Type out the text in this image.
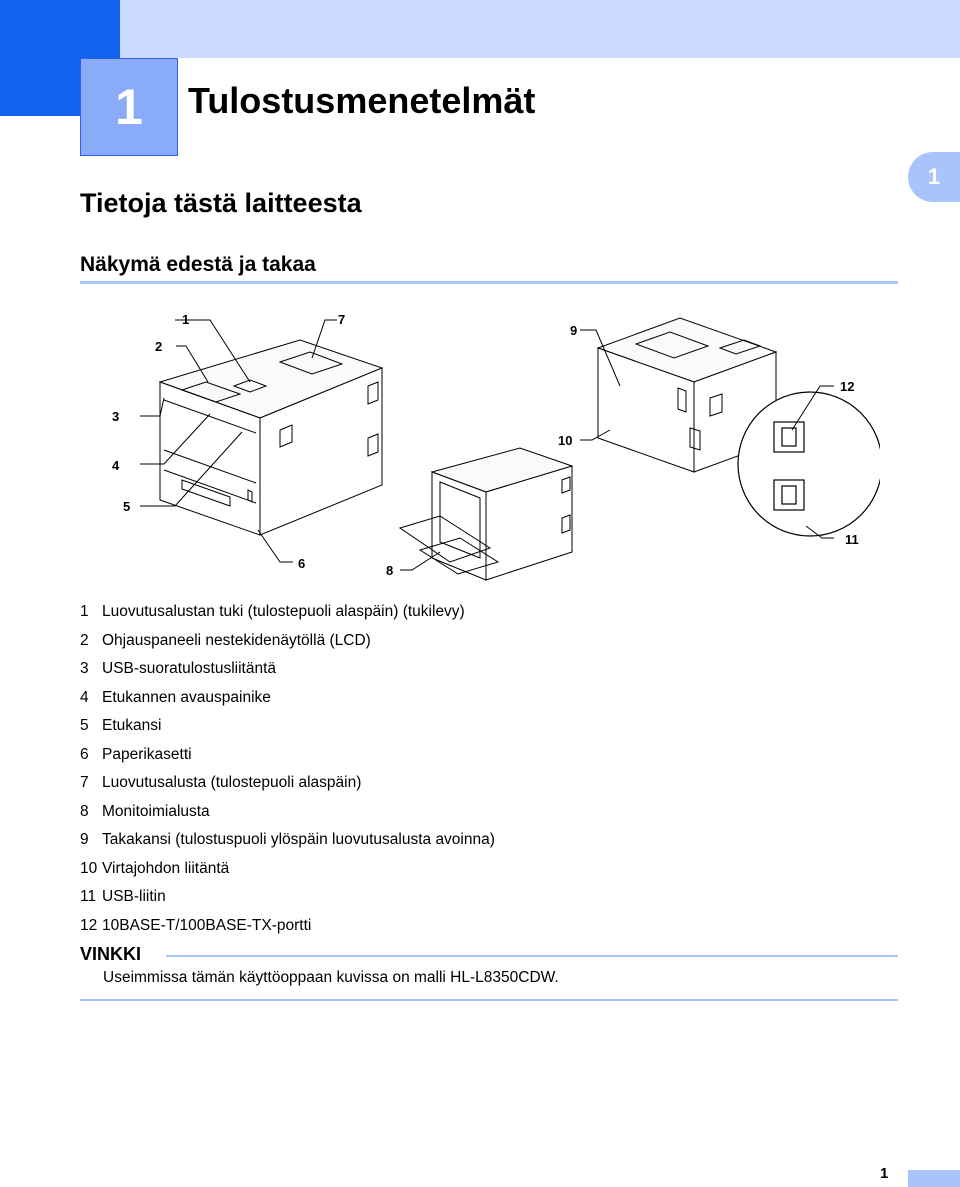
1	Tulostusmenetelmät
1
Tietoja tästä laitteesta
Näkymä edestä ja takaa
1
2
3
4
5
6
7
8
9
10
11
12
1 Luovutusalustan tuki (tulostepuoli alaspäin) (tukilevy)
2 Ohjauspaneeli nestekidenäytöllä (LCD)
3 USB-suoratulostusliitäntä
4 Etukannen avauspainike
5 Etukansi
6 Paperikasetti
7 Luovutusalusta (tulostepuoli alaspäin)
8 Monitoimialusta
9 Takakansi (tulostuspuoli ylöspäin luovutusalusta avoinna)
10 Virtajohdon liitäntä
11 USB-liitin
12 10BASE-T/100BASE-TX-portti
VINKKI
Useimmissa tämän käyttöoppaan kuvissa on malli HL-L8350CDW.
1
